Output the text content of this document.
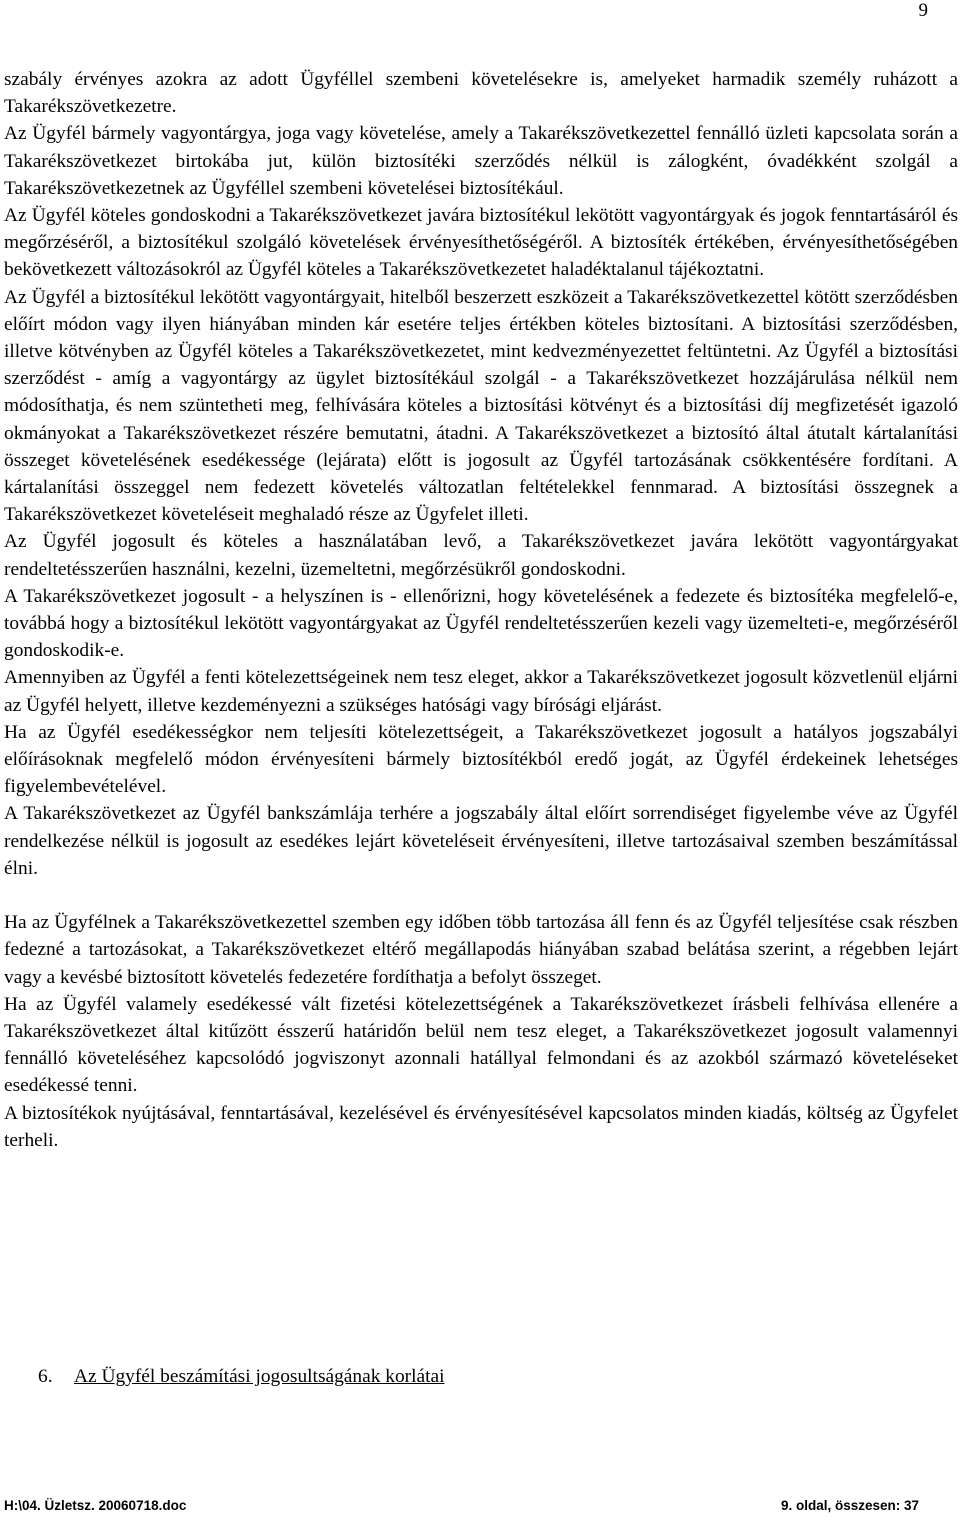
9

szabály érvényes azokra az adott Ügyféllel szembeni követelésekre is, amelyeket harmadik személy ruházott a Takarékszövetkezetre.

Az Ügyfél bármely vagyontárgya, joga vagy követelése, amely a Takarékszövetkezettel fennálló üzleti kapcsolata során a Takarékszövetkezet birtokába jut, külön biztosítéki szerződés nélkül is zálogként, óvadékként szolgál a Takarékszövetkezetnek az Ügyféllel szembeni követelései biztosítékául.

Az Ügyfél köteles gondoskodni a Takarékszövetkezet javára biztosítékul lekötött vagyontárgyak és jogok fenntartásáról és megőrzéséről, a biztosítékul szolgáló követelések érvényesíthetőségéről. A biztosíték értékében, érvényesíthetőségében bekövetkezett változásokról az Ügyfél köteles a Takarékszövetkezetet haladéktalanul tájékoztatni.

Az Ügyfél a biztosítékul lekötött vagyontárgyait, hitelből beszerzett eszközeit a Takarékszövetkezettel kötött szerződésben előírt módon vagy ilyen hiányában minden kár esetére teljes értékben köteles biztosítani. A biztosítási szerződésben, illetve kötvényben az Ügyfél köteles a Takarékszövetkezetet, mint kedvezményezettet feltüntetni. Az Ügyfél a biztosítási szerződést - amíg a vagyontárgy az ügylet biztosítékául szolgál - a Takarékszövetkezet hozzájárulása nélkül nem módosíthatja, és nem szüntetheti meg, felhívására köteles a biztosítási kötvényt és a biztosítási díj megfizetését igazoló okmányokat a Takarékszövetkezet részére bemutatni, átadni. A Takarékszövetkezet a biztosító által átutalt kártalanítási összeget követelésének esedékessége (lejárata) előtt is jogosult az Ügyfél tartozásának csökkentésére fordítani. A kártalanítási összeggel nem fedezett követelés változatlan feltételekkel fennmarad. A biztosítási összegnek a Takarékszövetkezet követeléseit meghaladó része az Ügyfelet illeti.

Az Ügyfél jogosult és köteles a használatában levő, a Takarékszövetkezet javára lekötött vagyontárgyakat rendeltetésszerűen használni, kezelni, üzemeltetni, megőrzésükről gondoskodni.

A Takarékszövetkezet jogosult - a helyszínen is - ellenőrizni, hogy követelésének a fedezete és biztosítéka megfelelő-e, továbbá hogy a biztosítékul lekötött vagyontárgyakat az Ügyfél rendeltetésszerűen kezeli vagy üzemelteti-e, megőrzéséről gondoskodik-e.

Amennyiben az Ügyfél a fenti kötelezettségeinek nem tesz eleget, akkor a Takarékszövetkezet jogosult közvetlenül eljárni az Ügyfél helyett, illetve kezdeményezni a szükséges hatósági vagy bírósági eljárást.

Ha az Ügyfél esedékességkor nem teljesíti kötelezettségeit, a Takarékszövetkezet jogosult a hatályos jogszabályi előírásoknak megfelelő módon érvényesíteni bármely biztosítékból eredő jogát, az Ügyfél érdekeinek lehetséges figyelembevételével.

A Takarékszövetkezet az Ügyfél bankszámlája terhére a jogszabály által előírt sorrendiséget figyelembe véve az Ügyfél rendelkezése nélkül is jogosult az esedékes lejárt követeléseit érvényesíteni, illetve tartozásaival szemben beszámítással élni.

Ha az Ügyfélnek a Takarékszövetkezettel szemben egy időben több tartozása áll fenn és az Ügyfél teljesítése csak részben fedezné a tartozásokat, a Takarékszövetkezet eltérő megállapodás hiányában szabad belátása szerint, a régebben lejárt vagy a kevésbé biztosított követelés fedezetére fordíthatja a befolyt összeget.

Ha az Ügyfél valamely esedékessé vált fizetési kötelezettségének a Takarékszövetkezet írásbeli felhívása ellenére a Takarékszövetkezet által kitűzött ésszerű határidőn belül nem tesz eleget, a Takarékszövetkezet jogosult valamennyi fennálló követeléséhez kapcsolódó jogviszonyt azonnali hatállyal felmondani és az azokból származó követeléseket esedékessé tenni.

A biztosítékok nyújtásával, fenntartásával, kezelésével és érvényesítésével kapcsolatos minden kiadás, költség az Ügyfelet terheli.

6. Az Ügyfél beszámítási jogosultságának korlátai
H:\04. Üzletsz. 20060718.doc	9. oldal, összesen: 37
